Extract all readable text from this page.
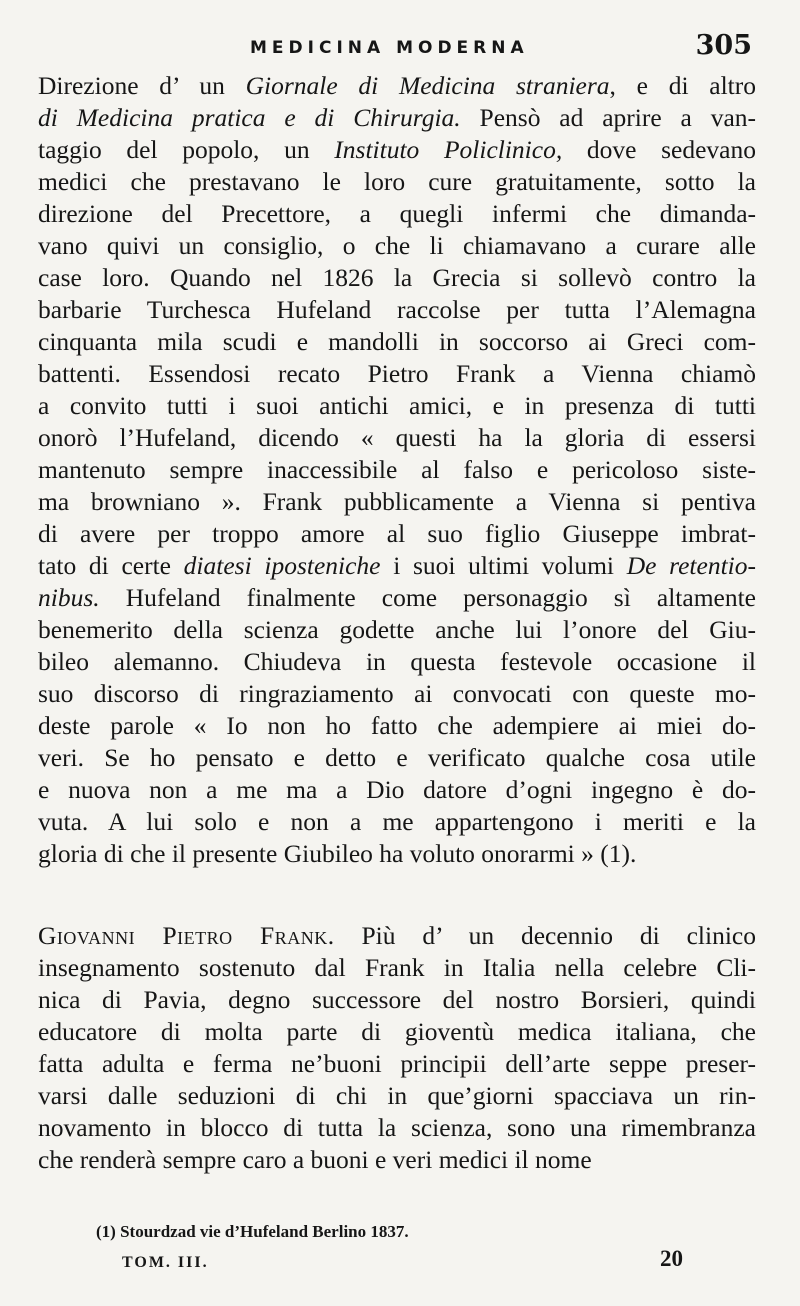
MEDICINA MODERNA	305

Direzione d’ un Giornale di Medicina straniera, e di altro
di Medicina pratica e di Chirurgia. Pensò ad aprire a van-
taggio del popolo, un Instituto Policlinico, dove sedevano
medici che prestavano le loro cure gratuitamente, sotto la
direzione del Precettore, a quegli infermi che dimanda-
vano quivi un consiglio, o che li chiamavano a curare alle
case loro. Quando nel 1826 la Grecia si sollevò contro la
barbarie Turchesca Hufeland raccolse per tutta l’Alemagna
cinquanta mila scudi e mandolli in soccorso ai Greci com-
battenti. Essendosi recato Pietro Frank a Vienna chiamò
a convito tutti i suoi antichi amici, e in presenza di tutti
onorò l’Hufeland, dicendo « questi ha la gloria di essersi
mantenuto sempre inaccessibile al falso e pericoloso siste-
ma browniano ». Frank pubblicamente a Vienna si pentiva
di avere per troppo amore al suo figlio Giuseppe imbrat-
tato di certe diatesi iposteniche i suoi ultimi volumi De retentio-
nibus. Hufeland finalmente come personaggio sì altamente
benemerito della scienza godette anche lui l’onore del Giu-
bileo alemanno. Chiudeva in questa festevole occasione il
suo discorso di ringraziamento ai convocati con queste mo-
deste parole « Io non ho fatto che adempiere ai miei do-
veri. Se ho pensato e detto e verificato qualche cosa utile
e nuova non a me ma a Dio datore d’ogni ingegno è do-
vuta. A lui solo e non a me appartengono i meriti e la
gloria di che il presente Giubileo ha voluto onorarmi » (1).

Giovanni Pietro Frank. Più d’ un decennio di clinico
insegnamento sostenuto dal Frank in Italia nella celebre Cli-
nica di Pavia, degno successore del nostro Borsieri, quindi
educatore di molta parte di gioventù medica italiana, che
fatta adulta e ferma ne’buoni principii dell’arte seppe preser-
varsi dalle seduzioni di chi in que’giorni spacciava un rin-
novamento in blocco di tutta la scienza, sono una rimembranza
che renderà sempre caro a buoni e veri medici il nome

(1) Stourdzad vie d’Hufeland Berlino 1837.
TOM. III.	20
